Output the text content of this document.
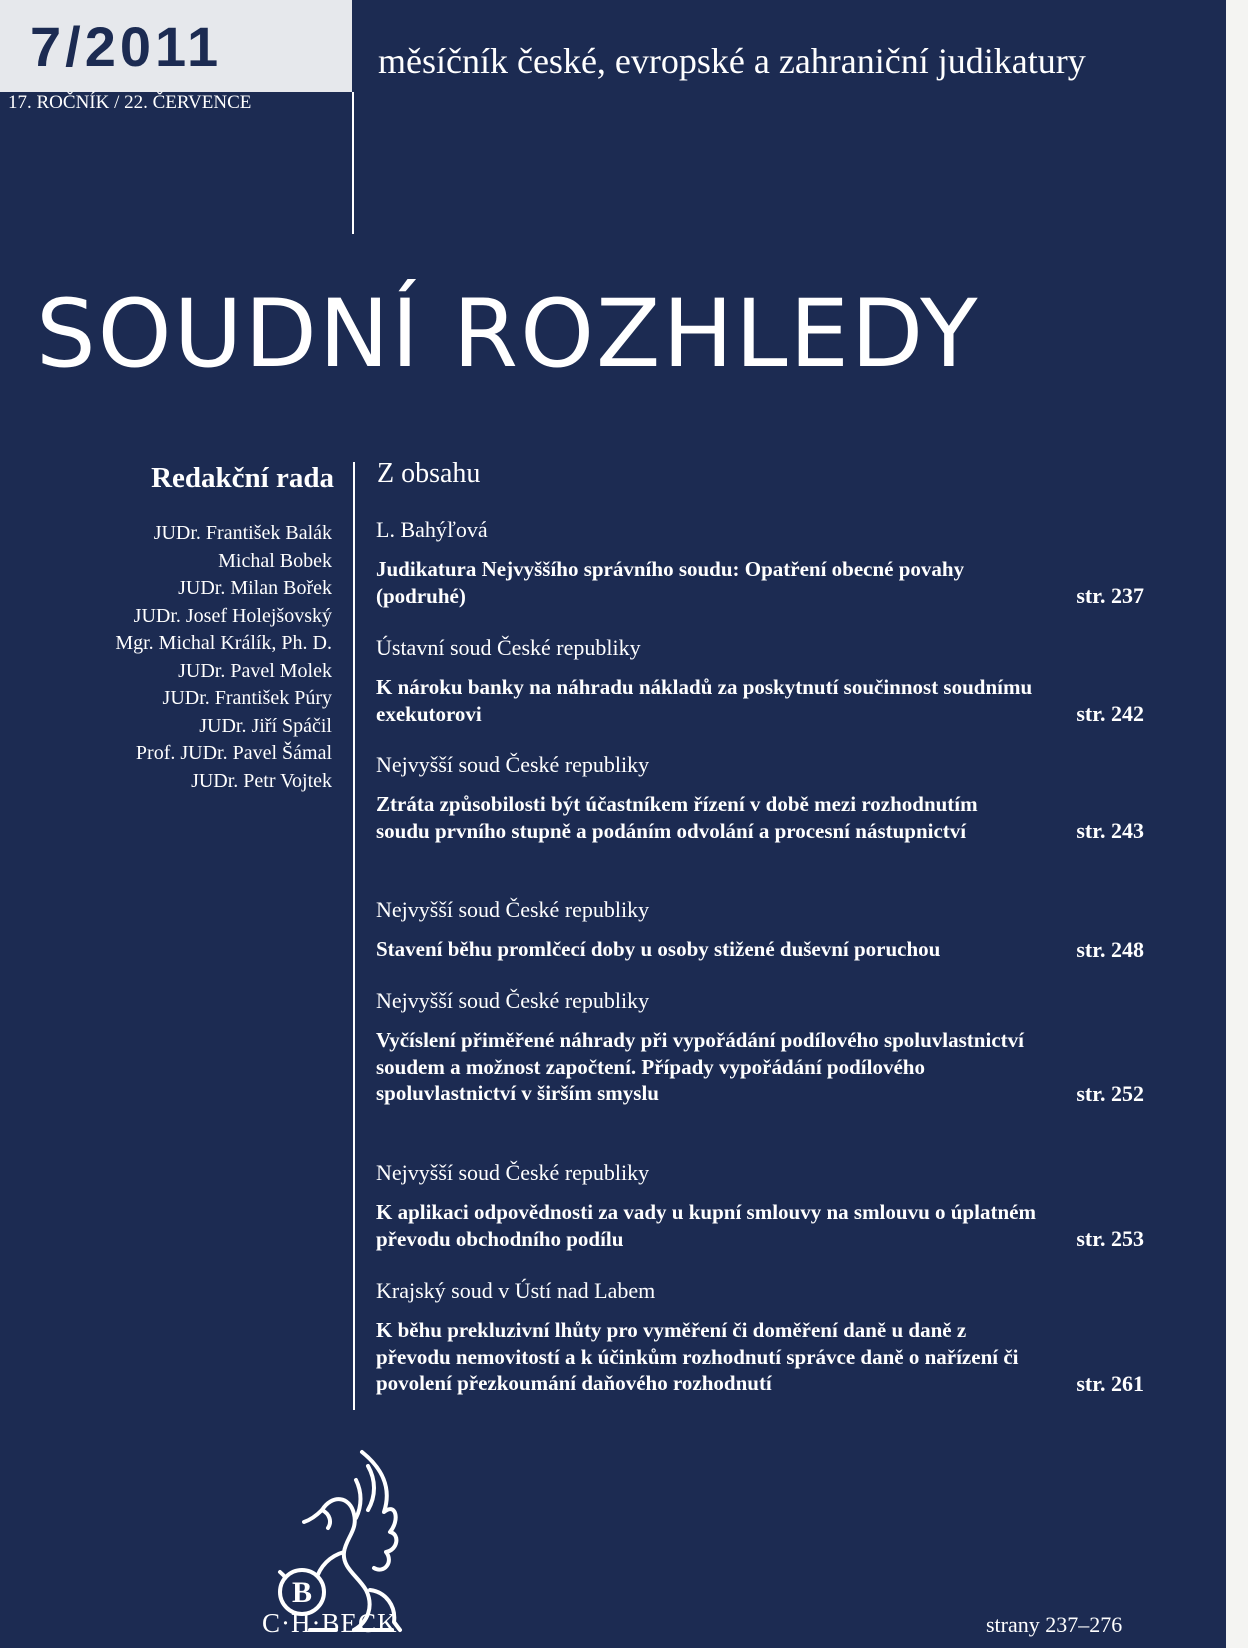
7/2011
17. ROČNÍK / 22. ČERVENCE
měsíčník české, evropské a zahraniční judikatury
SOUDNÍ ROZHLEDY
Redakční rada
JUDr. František Balák
Michal Bobek
JUDr. Milan Bořek
JUDr. Josef Holejšovský
Mgr. Michal Králík, Ph. D.
JUDr. Pavel Molek
JUDr. František Púry
JUDr. Jiří Spáčil
Prof. JUDr. Pavel Šámal
JUDr. Petr Vojtek
Z obsahu
L. Bahýľová
Judikatura Nejvyššího správního soudu: Opatření obecné povahy (podruhé)	str. 237
Ústavní soud České republiky
K nároku banky na náhradu nákladů za poskytnutí součinnost soudnímu exekutorovi	str. 242
Nejvyšší soud České republiky
Ztráta způsobilosti být účastníkem řízení v době mezi rozhodnutím soudu prvního stupně a podáním odvolání a procesní nástupnictví	str. 243
Nejvyšší soud České republiky
Stavení běhu promlčecí doby u osoby stižené duševní poruchou	str. 248
Nejvyšší soud České republiky
Vyčíslení přiměřené náhrady při vypořádání podílového spoluvlastnictví soudem a možnost započtení. Případy vypořádání podílového spoluvlastnictví v širším smyslu	str. 252
Nejvyšší soud České republiky
K aplikaci odpovědnosti za vady u kupní smlouvy na smlouvu o úplatném převodu obchodního podílu	str. 253
Krajský soud v Ústí nad Labem
K běhu prekluzivní lhůty pro vyměření či doměření daně u daně z převodu nemovitostí a k účinkům rozhodnutí správce daně o nařízení či povolení přezkoumání daňového rozhodnutí	str. 261
B
C·H·BECK	strany 237–276
